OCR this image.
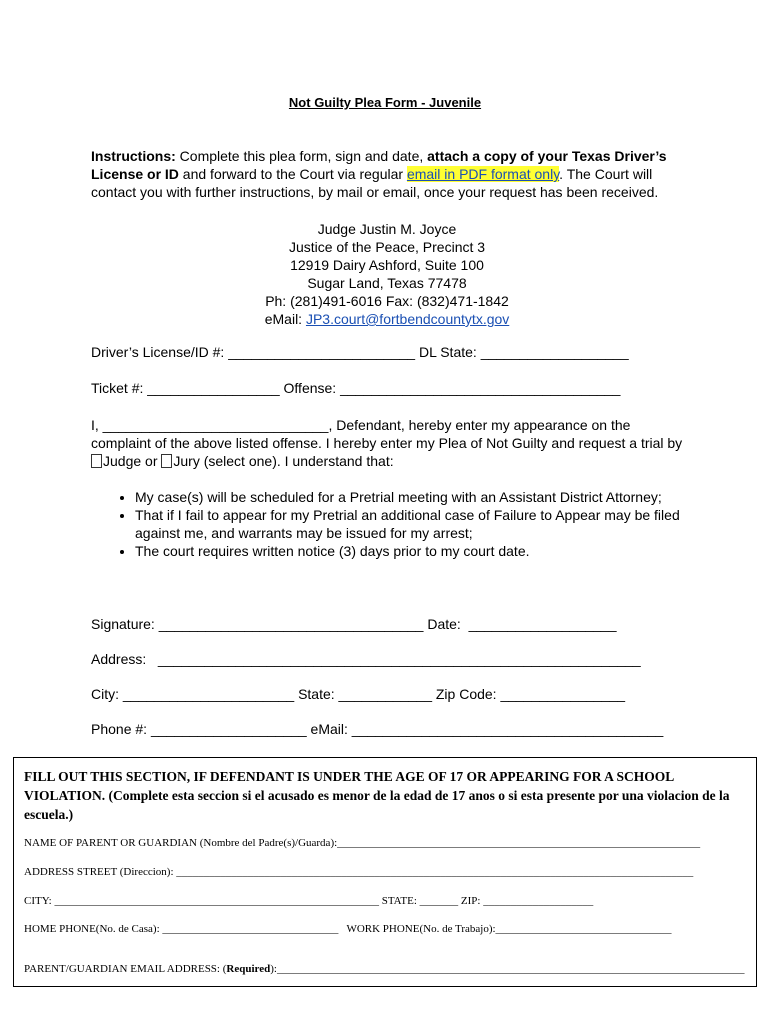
Not Guilty Plea Form - Juvenile
Instructions: Complete this plea form, sign and date, attach a copy of your Texas Driver’s License or ID and forward to the Court via regular email in PDF format only. The Court will contact you with further instructions, by mail or email, once your request has been received.
Judge Justin M. Joyce
Justice of the Peace, Precinct 3
12919 Dairy Ashford, Suite 100
Sugar Land, Texas 77478
Ph: (281)491-6016 Fax: (832)471-1842
eMail: JP3.court@fortbendcountytx.gov
Driver’s License/ID #: ________________________ DL State: ___________________
Ticket #: _________________ Offense: ____________________________________
I, _____________________________, Defendant, hereby enter my appearance on the complaint of the above listed offense. I hereby enter my Plea of Not Guilty and request a trial by Judge or Jury (select one). I understand that:
• My case(s) will be scheduled for a Pretrial meeting with an Assistant District Attorney;
• That if I fail to appear for my Pretrial an additional case of Failure to Appear may be filed against me, and warrants may be issued for my arrest;
• The court requires written notice (3) days prior to my court date.
Signature: __________________________________ Date:  ___________________
Address:   ______________________________________________________________
City: ______________________ State: ____________ Zip Code: ________________
Phone #: ____________________ eMail: ________________________________________
FILL OUT THIS SECTION, IF DEFENDANT IS UNDER THE AGE OF 17 OR APPEARING FOR A SCHOOL VIOLATION. (Complete esta seccion si el acusado es menor de la edad de 17 anos o si esta presente por una violacion de la escuela.)
NAME OF PARENT OR GUARDIAN (Nombre del Padre(s)/Guarda):__________________________________________________________________
ADDRESS STREET (Direccion): ______________________________________________________________________________________________
CITY: ___________________________________________________________ STATE: _______ ZIP: ____________________
HOME PHONE(No. de Casa): ________________________________   WORK PHONE(No. de Trabajo):________________________________
PARENT/GUARDIAN EMAIL ADDRESS: (Required):_____________________________________________________________________________________
